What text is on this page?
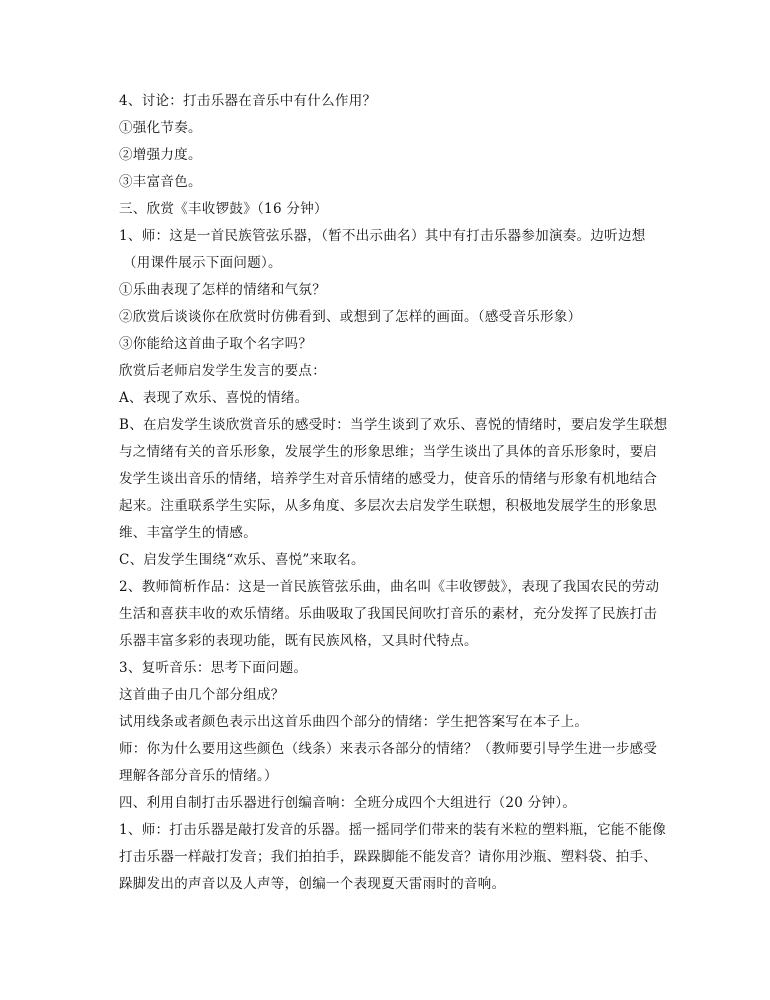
4、讨论：打击乐器在音乐中有什么作用？
①强化节奏。
②增强力度。
③丰富音色。
三、欣赏《丰收锣鼓》（16 分钟）
1、师：这是一首民族管弦乐器，（暂不出示曲名）其中有打击乐器参加演奏。边听边想
（用课件展示下面问题）。
①乐曲表现了怎样的情绪和气氛？
②欣赏后谈谈你在欣赏时仿佛看到、或想到了怎样的画面。（感受音乐形象）
③你能给这首曲子取个名字吗？
欣赏后老师启发学生发言的要点：
A、表现了欢乐、喜悦的情绪。
B、在启发学生谈欣赏音乐的感受时：当学生谈到了欢乐、喜悦的情绪时，要启发学生联想
与之情绪有关的音乐形象，发展学生的形象思维；当学生谈出了具体的音乐形象时，要启
发学生谈出音乐的情绪，培养学生对音乐情绪的感受力，使音乐的情绪与形象有机地结合
起来。注重联系学生实际，从多角度、多层次去启发学生联想，积极地发展学生的形象思
维、丰富学生的情感。
C、启发学生围绕“欢乐、喜悦”来取名。
2、教师简析作品：这是一首民族管弦乐曲，曲名叫《丰收锣鼓》，表现了我国农民的劳动
生活和喜获丰收的欢乐情绪。乐曲吸取了我国民间吹打音乐的素材，充分发挥了民族打击
乐器丰富多彩的表现功能，既有民族风格，又具时代特点。
3、复听音乐：思考下面问题。
这首曲子由几个部分组成？
试用线条或者颜色表示出这首乐曲四个部分的情绪：学生把答案写在本子上。
师：你为什么要用这些颜色（线条）来表示各部分的情绪？（教师要引导学生进一步感受
理解各部分音乐的情绪。）
四、利用自制打击乐器进行创编音响：全班分成四个大组进行（20 分钟）。
1、师：打击乐器是敲打发音的乐器。摇一摇同学们带来的装有米粒的塑料瓶，它能不能像
打击乐器一样敲打发音；我们拍拍手，跺跺脚能不能发音？请你用沙瓶、塑料袋、拍手、
跺脚发出的声音以及人声等，创编一个表现夏天雷雨时的音响。
